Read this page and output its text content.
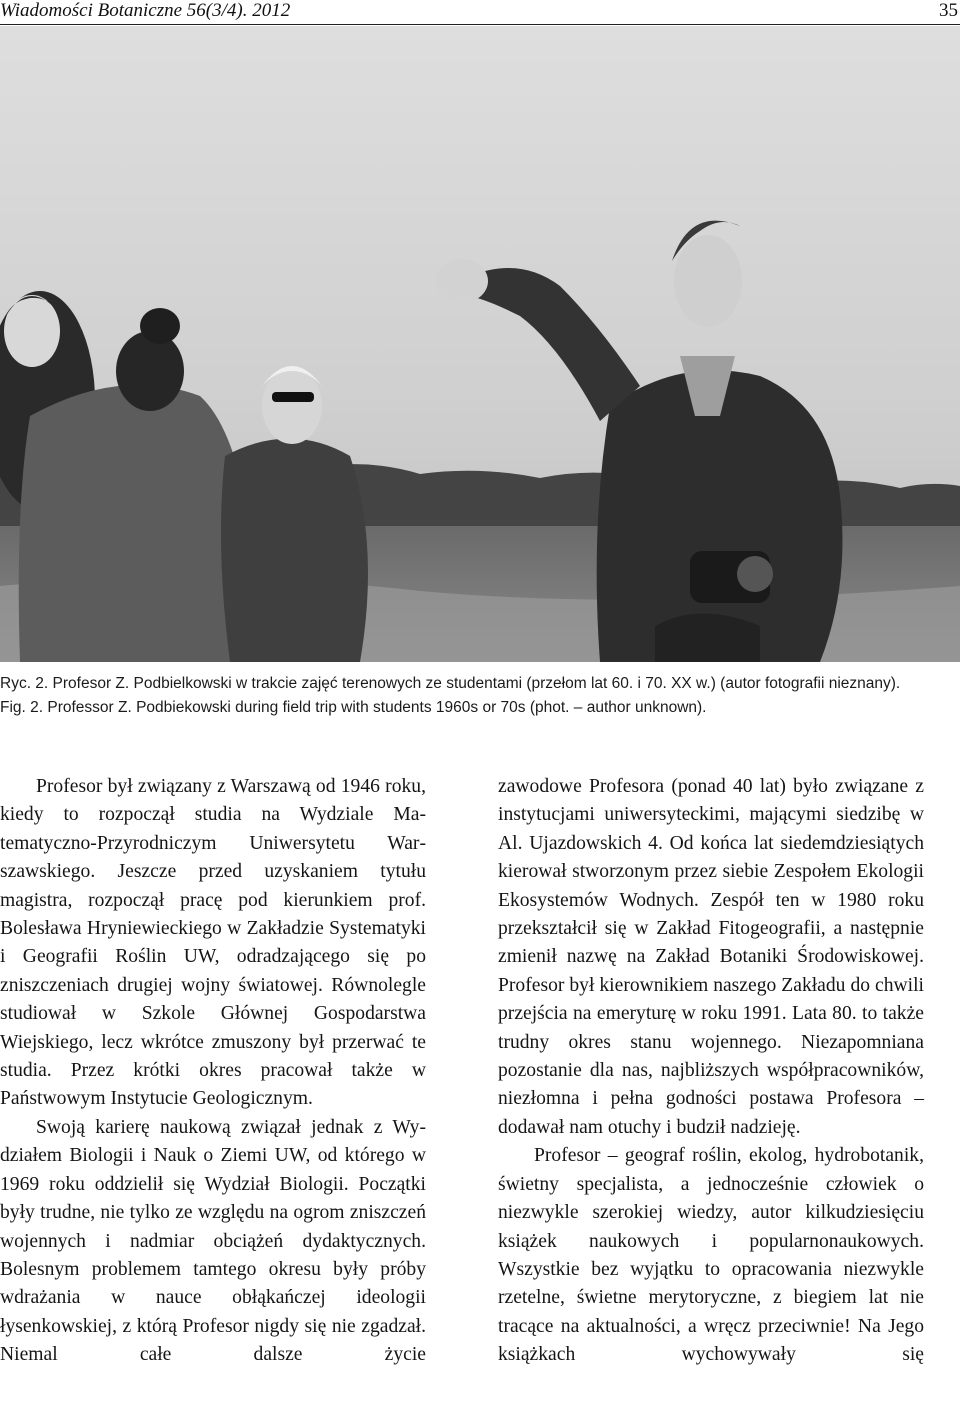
Wiadomości Botaniczne 56(3/4). 2012	35

Ryc. 2. Profesor Z. Podbielkowski w trakcie zajęć terenowych ze studentami (przełom lat 60. i 70. XX w.) (autor fotografii nieznany).

Fig. 2. Professor Z. Podbiekowski during field trip with students 1960s or 70s (phot. – author unknown).

Profesor był związany z Warszawą od 1946 roku, kiedy to rozpoczął studia na Wydziale Matematyczno-Przyrodniczym Uniwersytetu Warszawskiego. Jeszcze przed uzyskaniem tytułu magistra, rozpoczął pracę pod kierunkiem prof. Bolesława Hryniewieckiego w Zakładzie Systematyki i Geografii Roślin UW, odradzającego się po zniszczeniach drugiej wojny światowej. Równolegle studiował w Szkole Głównej Gospodarstwa Wiejskiego, lecz wkrótce zmuszony był przerwać te studia. Przez krótki okres pracował także w Państwowym Instytucie Geologicznym.

Swoją karierę naukową związał jednak z Wydziałem Biologii i Nauk o Ziemi UW, od którego w 1969 roku oddzielił się Wydział Biologii. Początki były trudne, nie tylko ze względu na ogrom zniszczeń wojennych i nadmiar obciążeń dydaktycznych. Bolesnym problemem tamtego okresu były próby wdrażania w nauce obłąkańczej ideologii łysenkowskiej, z którą Profesor nigdy się nie zgadzał. Niemal całe dalsze życie

zawodowe Profesora (ponad 40 lat) było związane z instytucjami uniwersyteckimi, mającymi siedzibę w Al. Ujazdowskich 4. Od końca lat siedemdziesiątych kierował stworzonym przez siebie Zespołem Ekologii Ekosystemów Wodnych. Zespół ten w 1980 roku przekształcił się w Zakład Fitogeografii, a następnie zmienił nazwę na Zakład Botaniki Środowiskowej. Profesor był kierownikiem naszego Zakładu do chwili przejścia na emeryturę w roku 1991. Lata 80. to także trudny okres stanu wojennego. Niezapomniana pozostanie dla nas, najbliższych współpracowników, niezłomna i pełna godności postawa Profesora – dodawał nam otuchy i budził nadzieję.

Profesor – geograf roślin, ekolog, hydrobotanik, świetny specjalista, a jednocześnie człowiek o niezwykle szerokiej wiedzy, autor kilkudziesięciu książek naukowych i popularnonaukowych. Wszystkie bez wyjątku to opracowania niezwykle rzetelne, świetne merytoryczne, z biegiem lat nie tracące na aktualności, a wręcz przeciwnie! Na Jego książkach wychowywały się
